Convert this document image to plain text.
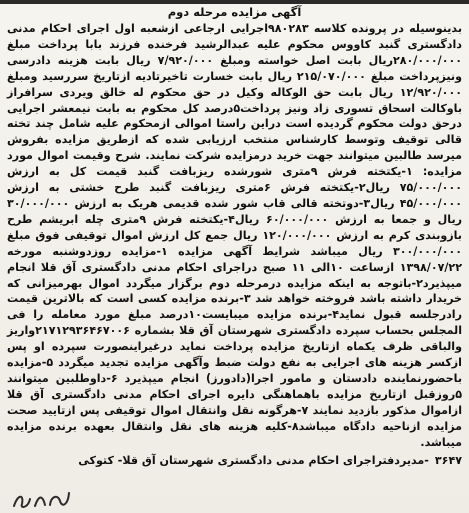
آگهی مزایده مرحله دوم

بدینوسیله در پرونده کلاسه ۹۸۰۲۸۳اجرایی ارجاعی ازشعبه اول اجرای احکام مدنی دادگستری گنبد کاووس محکوم علیه عبدالرشید فرخنده فرزند بابا پرداخت مبلغ ۲۸۰/۰۰۰/۰۰۰ریال بابت اصل خواسته ومبلغ ۷/۹۲۰/۰۰۰ ریال بابت هزینه دادرسی ونیزپرداخت مبلغ ۲۱۵/۰۷۰/۰۰۰ ریال بابت خسارت تاخیرتادیه ازتاریخ سررسید ومبلغ ۱۲/۹۲۰/۰۰۰ ریال بابت حق الوکاله وکیل در حق محکوم له خالق ویردی سرافراز باوکالت اسحاق تسوری زاد ونیز پرداخت۵درصد کل محکوم به بابت نیمعشر اجرایی درحق دولت محکوم گردیده است دراین راستا اموالی ازمحکوم علیه شامل چند تخته قالی توقیف وتوسط کارشناس منتخب ارزیابی شده که ازطریق مزایده بفروش میرسد طالبین میتوانند جهت خرید درمزایده شرکت نمایند. شرح وقیمت اموال مورد مزایده: ۱-یکتخته فرش ۹متری شورشده ریزبافت گنبد قیمت کل به ارزش ۷۵/۰۰۰/۰۰۰ ریال۲-یکتخته فرش ۶متری ریزبافت گنبد طرح خشتی به ارزش ۴۵/۰۰۰/۰۰۰ ریال۳-دوتخته قالی قاب شور شده قدیمی هریک به ارزش ۳۰/۰۰۰/۰۰۰ ریال و جمعا به ارزش ۶۰/۰۰۰/۰۰۰ ریال۴-یکتخته فرش ۹متری چله ابریشم طرح بازوبندی کرم به ارزش ۱۲۰/۰۰۰/۰۰۰ ریال جمع کل ارزش اموال توقیفی فوق مبلغ ۳۰۰/۰۰۰/۰۰۰ ریال میباشد شرایط آگهی مزایده ۱-مزایده روزدوشنبه مورخه ۱۳۹۸/۰۷/۲۲ ازساعت ۱۰الی ۱۱ صبح دراجرای احکام مدنی دادگستری آق قلا انجام میپذیرد۲-باتوجه به اینکه مزایده درمرحله دوم برگزار میگردد اموال بهرمیزانی که خریدار داشته باشد فروخته خواهد شد ۳-برنده مزایده کسی است که بالاترین قیمت رادرجلسه قبول نماید۴-برنده مزایده میبایست۱۰درصد مبلغ مورد معامله را فی المجلس بحساب سپرده دادگستری شهرستان آق قلا بشماره ۲۱۷۱۲۹۳۶۴۶۷۰۰۶واریز والباقی ظرف یکماه ازتاریخ مزایده پرداخت نماید درغیراینصورت سپرده او پس ازکسر هزینه های اجرایی به نفع دولت ضبط وآگهی مزایده تجدید میگردد ۵-مزایده باحضورنماینده دادستان و مامور اجرا(دادورز) انجام میپذیرد ۶-داوطلبین میتوانند ۵روزقبل ازتاریخ مزایده باهماهنگی دایره اجرای احکام مدنی دادگستری آق قلا ازاموال مذکور بازدید نمایند ۷-هرگونه نقل وانتقال اموال توقیفی پس ازتایید صحت مزایده ازناحیه دادگاه میباشد۸-کلیه هزینه های نقل وانتقال بعهده برنده مزایده میباشد.

۳۶۴۷-مدیردفتراجرای احکام مدنی دادگستری شهرستان آق قلا- کتوکی
